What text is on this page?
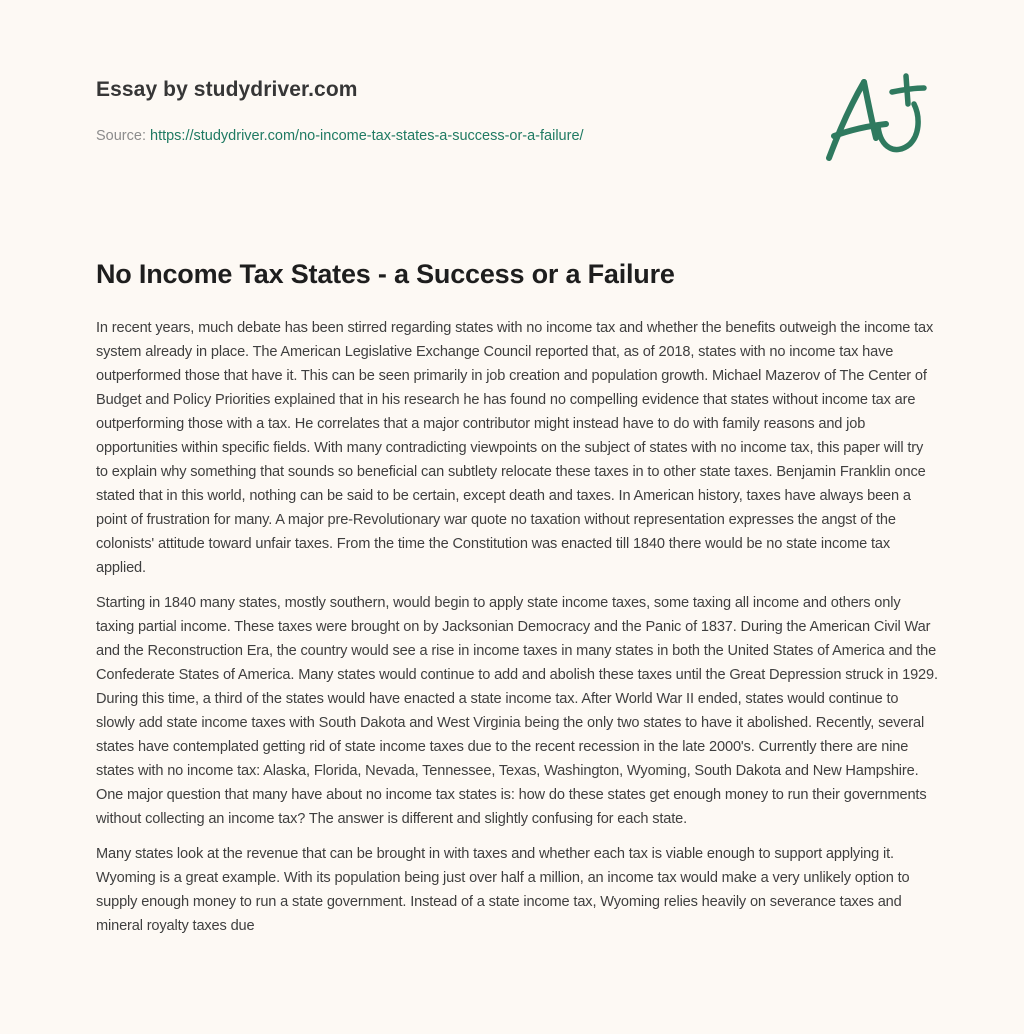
Essay by studydriver.com
Source: https://studydriver.com/no-income-tax-states-a-success-or-a-failure/
No Income Tax States - a Success or a Failure

In recent years, much debate has been stirred regarding states with no income tax and whether the benefits outweigh the income tax system already in place. The American Legislative Exchange Council reported that, as of 2018, states with no income tax have outperformed those that have it. This can be seen primarily in job creation and population growth. Michael Mazerov of The Center of Budget and Policy Priorities explained that in his research he has found no compelling evidence that states without income tax are outperforming those with a tax. He correlates that a major contributor might instead have to do with family reasons and job opportunities within specific fields. With many contradicting viewpoints on the subject of states with no income tax, this paper will try to explain why something that sounds so beneficial can subtlety relocate these taxes in to other state taxes. Benjamin Franklin once stated that in this world, nothing can be said to be certain, except death and taxes. In American history, taxes have always been a point of frustration for many. A major pre-Revolutionary war quote no taxation without representation expresses the angst of the colonists' attitude toward unfair taxes. From the time the Constitution was enacted till 1840 there would be no state income tax applied.

Starting in 1840 many states, mostly southern, would begin to apply state income taxes, some taxing all income and others only taxing partial income. These taxes were brought on by Jacksonian Democracy and the Panic of 1837. During the American Civil War and the Reconstruction Era, the country would see a rise in income taxes in many states in both the United States of America and the Confederate States of America. Many states would continue to add and abolish these taxes until the Great Depression struck in 1929. During this time, a third of the states would have enacted a state income tax. After World War II ended, states would continue to slowly add state income taxes with South Dakota and West Virginia being the only two states to have it abolished. Recently, several states have contemplated getting rid of state income taxes due to the recent recession in the late 2000's. Currently there are nine states with no income tax: Alaska, Florida, Nevada, Tennessee, Texas, Washington, Wyoming, South Dakota and New Hampshire. One major question that many have about no income tax states is: how do these states get enough money to run their governments without collecting an income tax? The answer is different and slightly confusing for each state.

Many states look at the revenue that can be brought in with taxes and whether each tax is viable enough to support applying it. Wyoming is a great example. With its population being just over half a million, an income tax would make a very unlikely option to supply enough money to run a state government. Instead of a state income tax, Wyoming relies heavily on severance taxes and mineral royalty taxes due
